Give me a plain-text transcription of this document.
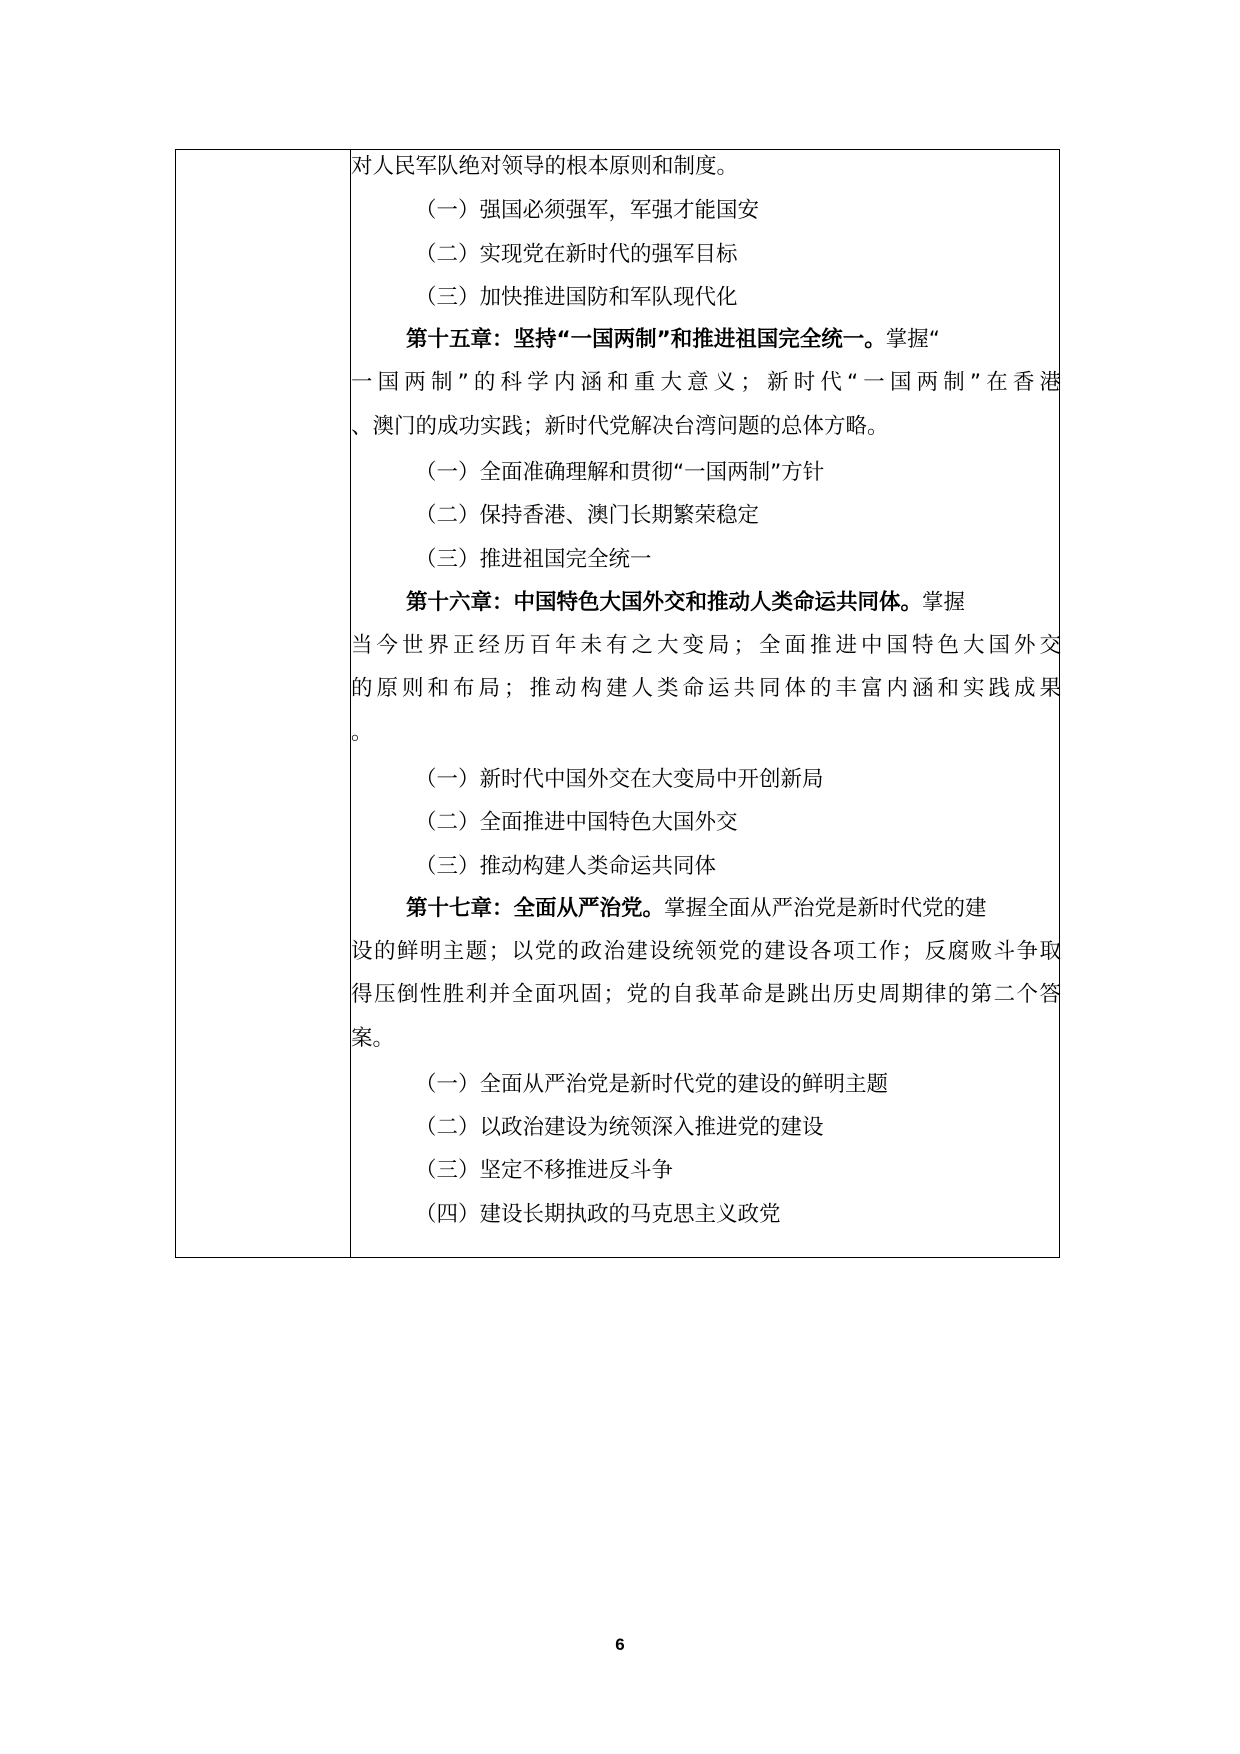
对人民军队绝对领导的根本原则和制度。
（一）强国必须强军，军强才能国安
（二）实现党在新时代的强军目标
（三）加快推进国防和军队现代化
第十五章：坚持“一国两制”和推进祖国完全统一。掌握“
一国两制”的科学内涵和重大意义；新时代“一国两制”在香港
、澳门的成功实践；新时代党解决台湾问题的总体方略。
（一）全面准确理解和贯彻“一国两制”方针
（二）保持香港、澳门长期繁荣稳定
（三）推进祖国完全统一
第十六章：中国特色大国外交和推动人类命运共同体。掌握
当今世界正经历百年未有之大变局；全面推进中国特色大国外交
的原则和布局；推动构建人类命运共同体的丰富内涵和实践成果
。
（一）新时代中国外交在大变局中开创新局
（二）全面推进中国特色大国外交
（三）推动构建人类命运共同体
第十七章：全面从严治党。掌握全面从严治党是新时代党的建
设的鲜明主题；以党的政治建设统领党的建设各项工作；反腐败斗争取
得压倒性胜利并全面巩固；党的自我革命是跳出历史周期律的第二个答
案。
（一）全面从严治党是新时代党的建设的鲜明主题
（二）以政治建设为统领深入推进党的建设
（三）坚定不移推进反斗争
（四）建设长期执政的马克思主义政党
6
